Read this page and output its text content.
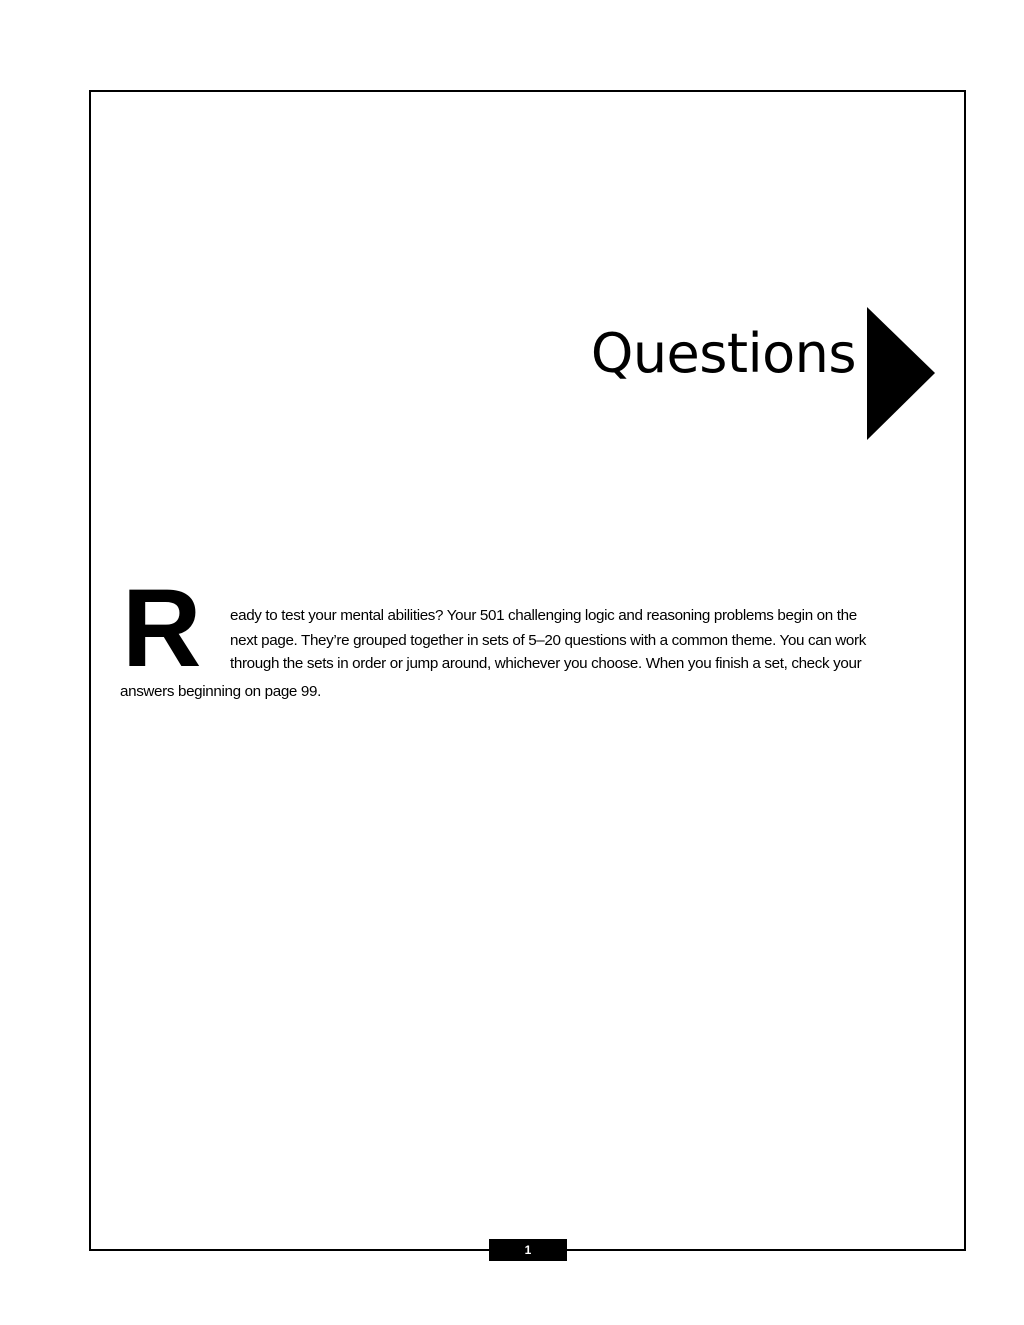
Questions
R eady to test your mental abilities? Your 501 challenging logic and reasoning problems begin on the
next page. They’re grouped together in sets of 5–20 questions with a common theme. You can work
through the sets in order or jump around, whichever you choose. When you finish a set, check your
answers beginning on page 99.
1
